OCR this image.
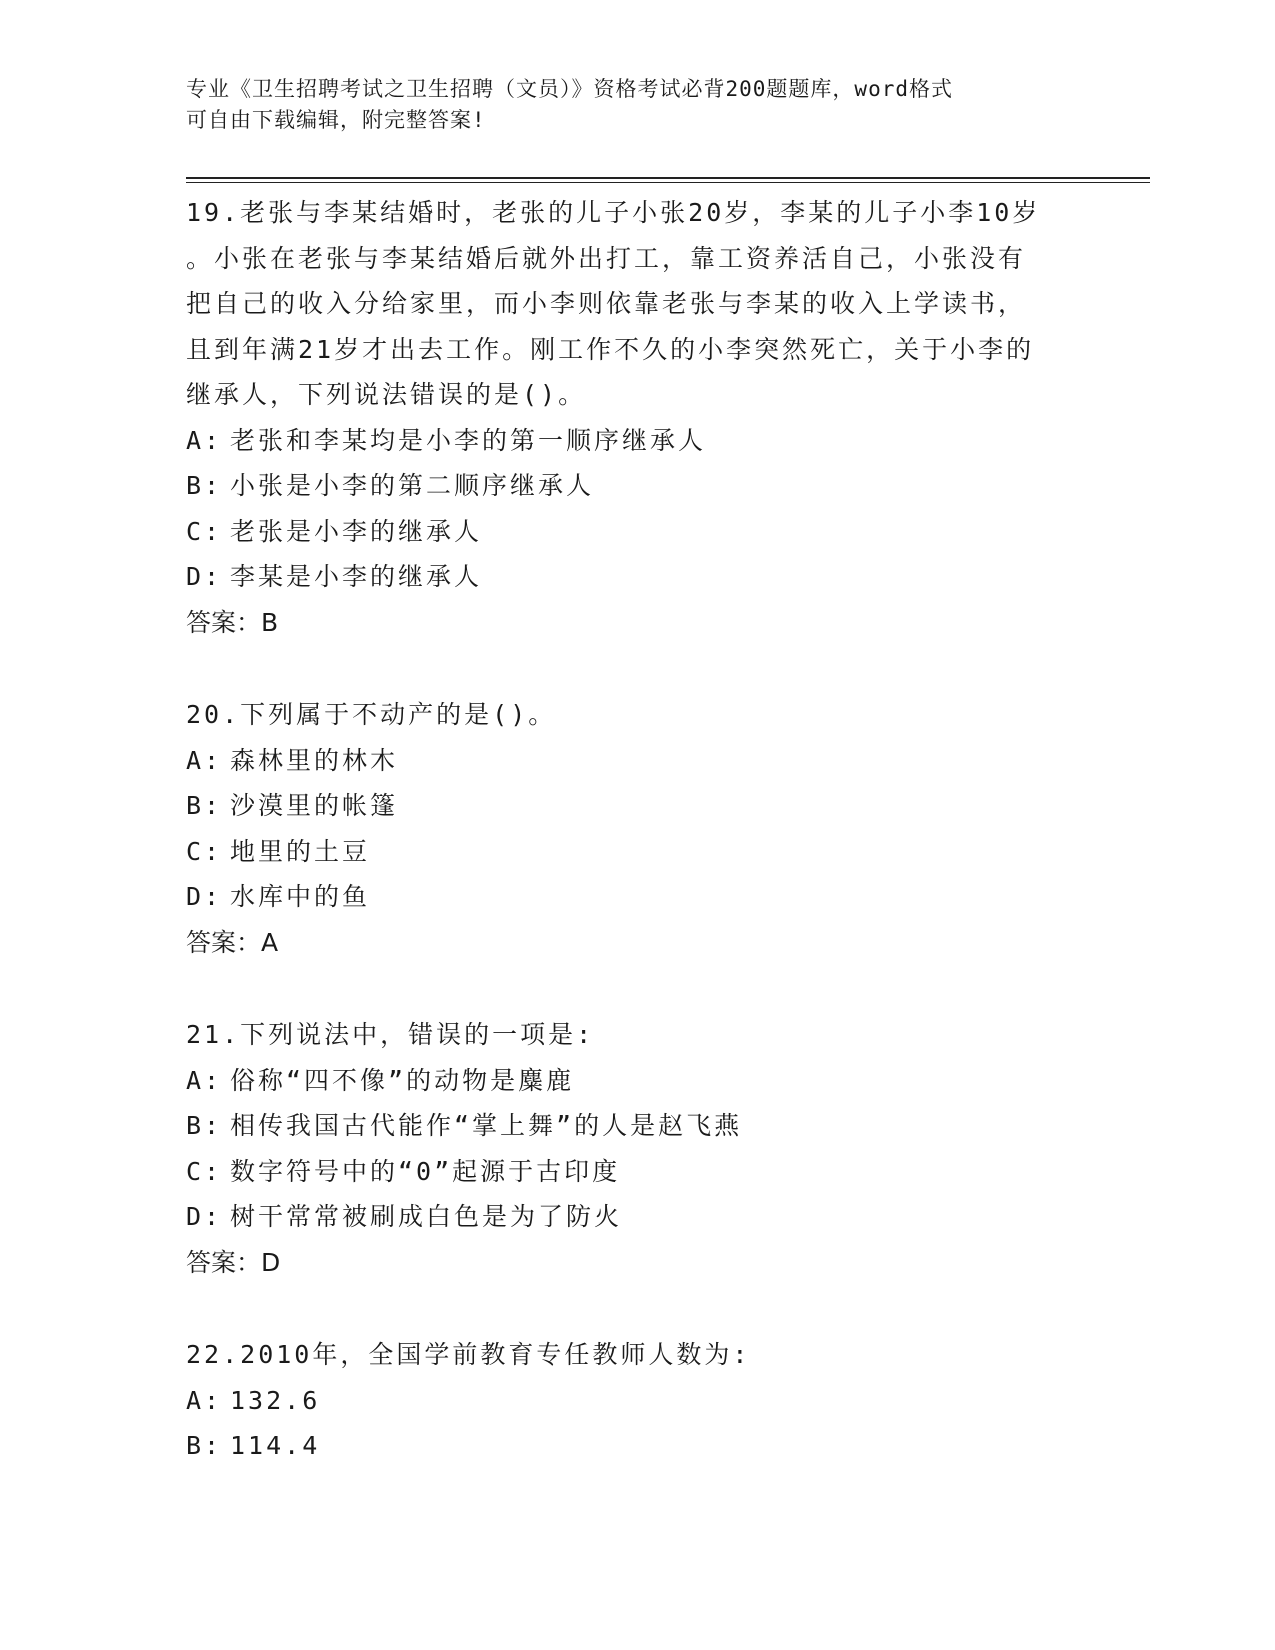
专业《卫生招聘考试之卫生招聘（文员）》资格考试必背200题题库，word格式
可自由下载编辑，附完整答案!
19.老张与李某结婚时，老张的儿子小张20岁，李某的儿子小李10岁
。小张在老张与李某结婚后就外出打工，靠工资养活自己，小张没有
把自己的收入分给家里，而小李则依靠老张与李某的收入上学读书，
且到年满21岁才出去工作。刚工作不久的小李突然死亡，关于小李的
继承人，下列说法错误的是()。
A: 老张和李某均是小李的第一顺序继承人
B: 小张是小李的第二顺序继承人
C: 老张是小李的继承人
D: 李某是小李的继承人
答案：B
20.下列属于不动产的是()。
A: 森林里的林木
B: 沙漠里的帐篷
C: 地里的土豆
D: 水库中的鱼
答案：A
21.下列说法中，错误的一项是:
A: 俗称“四不像”的动物是麋鹿
B: 相传我国古代能作“掌上舞”的人是赵飞燕
C: 数字符号中的“0”起源于古印度
D: 树干常常被刷成白色是为了防火
答案：D
22.2010年，全国学前教育专任教师人数为:
A: 132.6
B: 114.4
